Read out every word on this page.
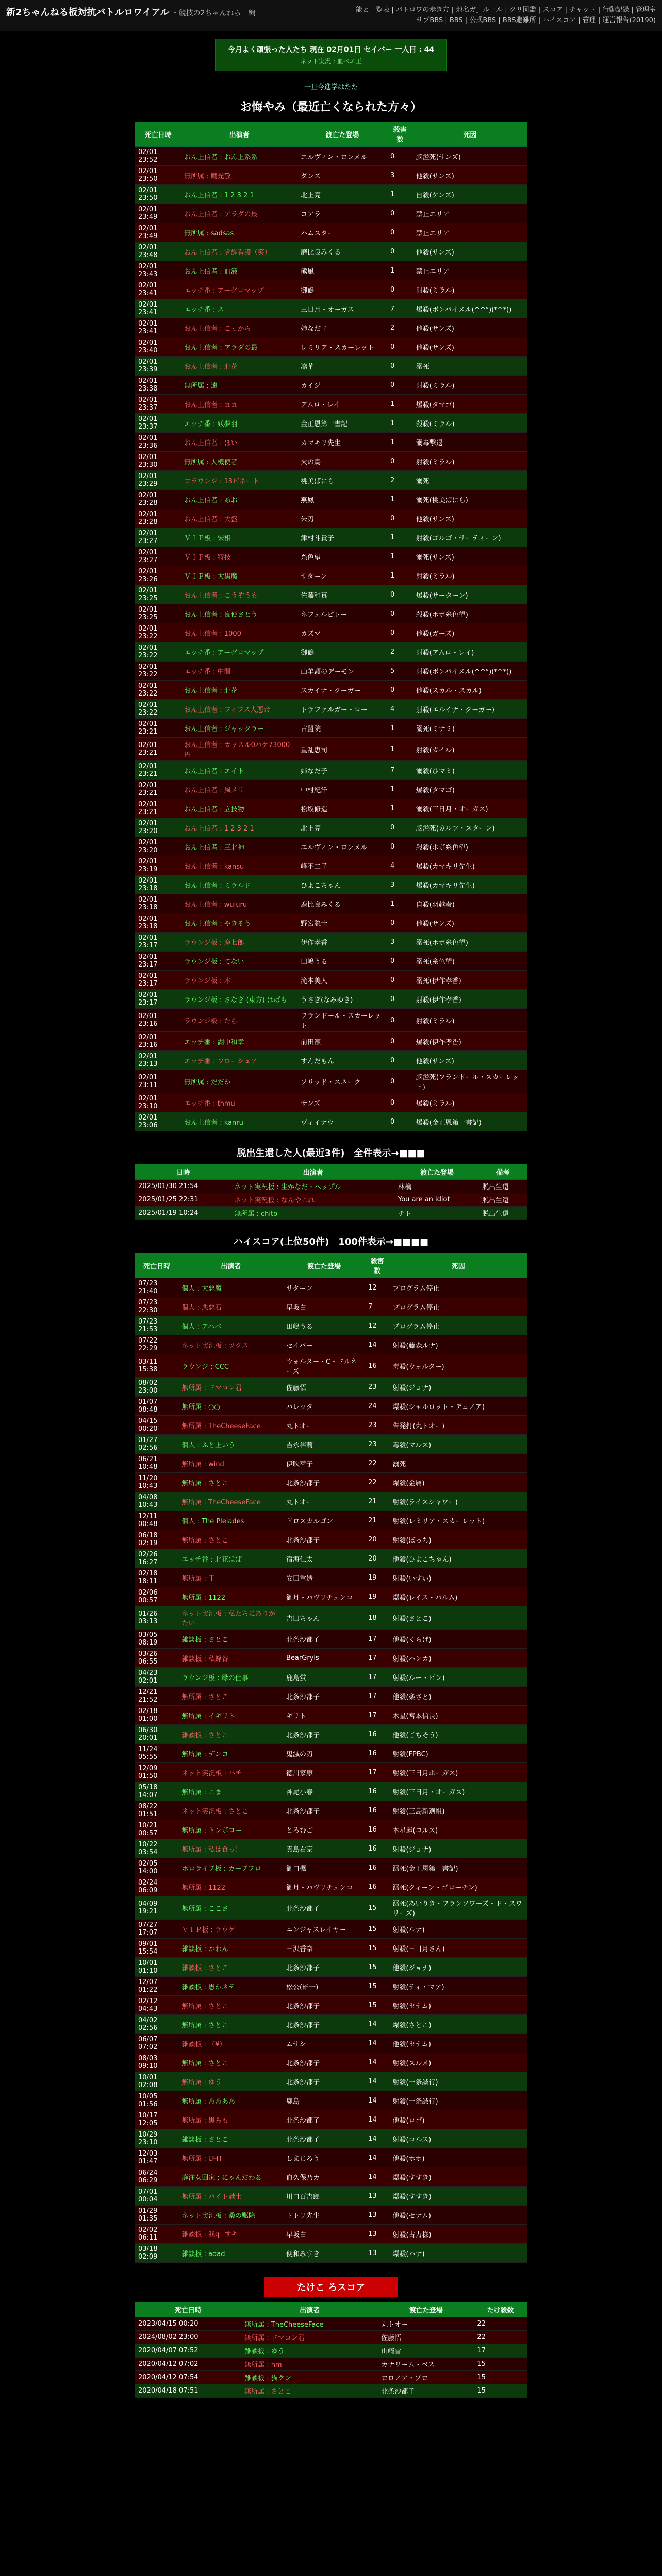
新2ちゃんねる板対抗バトルロワイアル ・競技の2ちゃんねら一編	能と一覧表 | バトロワの歩き方 | 地名ガ」ル一ル | クリ図鑑 | スコア | チャット | 行動記録 | 管理室
サブBBS | BBS | 公式BBS | BBS避難所 | ハイスコア | 管理 | 運営報告(20190)
今月よく頑張った人たち 現在 02月01日 セイバー 一人目 : 44
ネット実況 : 血べエ王
一旦今進学はたた
お悔やみ（最近亡くなられた方々）
死亡日時	出演者	渡亡た登場	殺害数	死因
02/01 23:52	おん上信者 : おん上系系	エルヴィン・ロンメル	0	脳溢死(サンズ)
02/01 23:50	無所属 : 鷹光敬	ダンズ	3	他殺(サンズ)
02/01 23:50	おん上信者 : 1 2 3 2 1	北上亮	1	自殺(ケンズ)
02/01 23:49	おん上信者 : アラダの最	コアラ	0	禁止エリア
02/01 23:49	無所属 : sadsas	ハムスター	0	禁止エリア
02/01 23:48	おん上信者 : 覚醒看護（笑）	磨比良みくる	0	他殺(サンズ)
02/01 23:43	おん上信者 : 血液	熊風	1	禁止エリア
02/01 23:41	エッチ番 : アーグロマップ	御鶴	0	射殺(ミラル)
02/01 23:41	エッチ番 : ス	三日月・オーガス	7	爆殺(ボンバイメル(^^°)(*^*))
02/01 23:41	おん上信者 : こっから	姉なだ子	2	他殺(サンズ)
02/01 23:40	おん上信者 : アラダの最	レミリア・スカーレット	0	他殺(サンズ)
02/01 23:39	おん上信者 : 北花	凛華	0	溺死
02/01 23:38	無所属 : 遠	カイジ	0	射殺(ミラル)
02/01 23:37	おん上信者 : ｎｎ	アムロ・レイ	1	爆殺(タマゴ)
02/01 23:37	エッチ番 : 妖夢羽	金正恩第一書記	1	殺殺(ミラル)
02/01 23:36	おん上信者 : ほい	カマキリ先生	1	溺毒撃退
02/01 23:30	無所属 : 人機使者	火の鳥	0	射殺(ミラル)
02/01 23:29	ロラウンジ : 13ビネート	桃美ばにら	2	溺死
02/01 23:28	おん上信者 : あお	燕鳳	1	溺死(桃美ばにら)
02/01 23:28	おん上信者 : 大盛	朱刃	0	他殺(サンズ)
02/01 23:27	ＶＩＰ板 : 宋相	津村斗貴子	1	射殺(ゴルゴ・サーティーン)
02/01 23:27	ＶＩＰ板 : 特技	糸色望	1	溺死(サンズ)
02/01 23:26	ＶＩＰ板 : 大黒魔	サターン	1	射殺(ミラル)
02/01 23:25	おん上信者 : こうぞうも	佐藤和真	0	爆殺(サーターン)
02/01 23:25	おん上信者 : 良便さとう	ネフェルピトー	0	殺殺(ホボ糸色望)
02/01 23:22	おん上信者 : 1000	カズマ	0	他殺(ガーズ)
02/01 23:22	エッチ番 : アーグロマップ	御鶴	2	射殺(アムロ・レイ)
02/01 23:22	エッチ番 : 中間	山羊頭のデーモン	5	射殺(ボンバイメル(^^°)(*^*))
02/01 23:22	おん上信者 : 北花	スカイナ・クーガー	0	他殺(スカル・スカル)
02/01 23:22	おん上信者 : フィフス大悪帝	トラファルガー・ロー	4	射殺(エルイナ・クーガー)
02/01 23:21	おん上信者 : ジャックラー	古盟院	1	溺死(ミナミ)
02/01 23:21	おん上信者 : カッスル0パケ73000 円	重乱恵司	1	射殺(ガイル)
02/01 23:21	おん上信者 : エイト	姉なだ子	7	溺殺(ひマミ)
02/01 23:21	おん上信者 : 風メリ	中村紀洋	1	爆殺(タマゴ)
02/01 23:21	おん上信者 : 立技物	松坂修造	1	溺殺(三日月・オーガス)
02/01 23:20	おん上信者 : 1 2 3 2 1	北上亮	0	脳溢死(カルフ・スターン)
02/01 23:20	おん上信者 : 三北神	エルヴィン・ロンメル	0	殺殺(ホボ糸色望)
02/01 23:19	おん上信者 : kansu	峰不二子	4	爆殺(カマキリ先生)
02/01 23:18	おん上信者 : ミラルド	ひよこちゃん	3	爆殺(カマキリ先生)
02/01 23:18	おん上信者 : wuiuru	鹿比良みくる	1	自殺(羽越奏)
02/01 23:18	おん上信者 : やきそう	野宮聡士	0	他殺(サンズ)
02/01 23:17	ラウンジ板 : 鹿七郎	伊作孝香	3	溺死(ホボ糸色望)
02/01 23:17	ラウンジ板 : てない	田嶋うる	0	溺死(糸色望)
02/01 23:17	ラウンジ板 : 木	滝本美人	0	溺死(伊作孝香)
02/01 23:17	ラウンジ板 : さなぎ (東方) はばも	うさぎ(なみゆき)	0	射殺(伊作孝香)
02/01 23:16	ラウンジ板 : たら	フランドール・スカーレット	0	射殺(ミラル)
02/01 23:16	エッチ番 : 湖中和幸	前田凛	0	爆殺(伊作孝香)
02/01 23:13	エッチ番 : フローシュア	すんだもん	0	他殺(サンズ)
02/01 23:11	無所属 : だだか	ソリッド・スネーク	0	脳溢死(フランドール・スカーレット)
02/01 23:10	エッチ番 : thmu	サンズ	0	爆殺(ミラル)
02/01 23:06	おん上信者 : kanru	ヴィイナウ	0	爆殺(金正恩第一書記)
脱出生還した人(最近3件)　全件表示→■■■
日時	出演者	渡亡た登場	備考
2025/01/30 21:54	ネット実況板 : 生かなだ・ヘップル	林檎	脱出生還
2025/01/25 22:31	ネット実況板 : なんやこれ	You are an idiot	脱出生還
2025/01/19 10:24	無所属 : chito	チト	脱出生還
ハイスコア(上位50件)　100件表示→■■■■
死亡日時	出演者	渡亡た登場	殺害数	死因
07/23 21:40	個人 : 大悪魔	サターン	12	プログラム停止
07/23 22:30	個人 : 悪悪石	早坂白	7	プログラム停止
07/23 21:53	個人 : アハバ	田嶋うる	12	プログラム停止
07/22 22:29	ネット実況板 : ツクス	セイバー	14	射殺(藤森ルナ)
03/11 15:38	ラウンジ : CCC	ウォルター・C・ドルネーズ	16	毒殺(ウォルター)
08/02 23:00	無所属 : ドマコン君	佐藤悟	23	射殺(ジョナ)
01/07 08:48	無所属 : ○○	パレッタ	24	爆殺(シャルロット・デュノア)
04/15 00:20	無所属 : TheCheeseFace	丸トオー	23	告発打(丸トオー)
01/27 02:56	個人 : ふと上いう	吉永裕莉	23	毒殺(マルス)
06/21 10:48	無所属 : wind	伊吹萃子	22	溺死
11/20 10:43	無所属 : さとこ	北条沙都子	22	爆殺(金属)
04/08 10:43	無所属 : TheCheeseFace	丸トオー	21	射殺(ライスシャワー)
12/11 00:48	個人 : The Pleiades	ドロスカルゴン	21	射殺(レミリア・スカーレット)
06/18 02:19	無所属 : さとこ	北条沙都子	20	射殺(ぼっち)
02/26 16:27	エッチ番 : 北花ぱぱ	宿海仁太	20	他殺(ひよこちゃん)
02/18 18:11	無所属 : 王	安田重造	19	射殺(いすい)
02/06 00:57	無所属 : 1122	御月・パヴリチェンコ	19	爆殺(レイス・パルム)
01/26 03:13	ネット実況板 : 私たちにありがたい	吉田ちゃん	18	射殺(さとこ)
03/05 08:19	雑談板 : さとこ	北条沙都子	17	他殺(くらげ)
03/26 06:55	雑談板 : 私蜂谷	BearGryls	17	射殺(ハンカ)
04/23 02:01	ラウンジ板 : 緑の仕事	鹿島蛍	17	射殺(ルー・ピン)
12/21 21:52	無所属 : さとこ	北条沙都子	17	他殺(楽さと)
02/18 01:00	無所属 : イギリト	ギリト	17	木星(宮本信長)
06/30 20:01	雑談板 : さとこ	北条沙都子	16	他殺(ごちそう)
11/24 05:55	無所属 : デンコ	鬼滅の刃	16	射殺(FPBC)
12/09 01:50	ネット実況板 : ハチ	徳川家康	17	射殺(三日月ホーガス)
05/18 14:07	無所属 : こま	神尾小春	16	射殺(三日月・オーガス)
08/22 01:51	ネット実況板 : さとこ	北条沙都子	16	射殺(三島新選組)
10/21 00:57	無所属 : トンボロー	とろむご	16	木星運(コルス)
10/22 03:54	無所属 : 私は食っ！	真島右京	16	射殺(ジョナ)
02/05 14:00	ホロライブ板 : カーブフロ	御口楓	16	溺死(金正恩第一書記)
02/24 06:09	無所属 : 1122	御月・パヴリチェンコ	16	溺死(クィーン・ゴローチン)
04/09 19:21	無所属 : ここさ	北条沙都子	15	溺死(あいりき・フランソワーズ・ド・スワリーズ)
07/27 17:07	ＶＩＰ板 : ラウゲ	ニンジャスレイヤー	15	射殺(ルナ)
09/01 15:54	雑談板 : かわん	三沢香奈	15	射殺(三日月さん)
10/01 01:10	雑談板 : さとこ	北条沙都子	15	他殺(ジョナ)
12/07 01:22	雑談板 : 愚かネテ	松公(雄一)	15	射殺(ティ・マア)
02/12 04:43	無所属 : さとこ	北条沙都子	15	射殺(セナム)
04/02 02:56	無所属 : さとこ	北条沙都子	14	爆殺(さとこ)
06/07 07:02	雑談板 : （¥）	ムサシ	14	他殺(セナム)
08/03 09:10	無所属 : さとこ	北条沙都子	14	射殺(スルメ)
10/01 02:08	無所属 : ゆう	北条沙都子	14	射殺(一条誠行)
10/05 01:56	無所属 : ああああ	鹿島	14	射殺(一条誠行)
10/17 12:05	無所属 : 黒みも	北条沙都子	14	他殺(ロゴ)
10/29 23:10	雑談板 : さとこ	北条沙都子	14	射殺(コルス)
12/03 01:47	無所属 : UHT	しまじろう	14	他殺(ホホ)
06/24 06:29	廃注女回家 : にゃんだわる	血久保乃カ	14	爆殺(すすき)
07/01 00:04	無所属 : バイト魅士	川口百吉郎	13	爆殺(すすき)
01/29 01:35	ネット実況板 : 桑の駆除	トトリ先生	13	他殺(セナム)
02/02 06:11	雑談板 : 我qすキ	早坂白	13	射殺(古力様)
03/18 02:09	雑談板 : adad	便和みすき	13	爆殺(ハナ)
たけこ ろスコア
死亡日時	出演者	渡亡た登場	たけ殺数
2023/04/15 00:20	無所属 : TheCheeseFace	丸トオー	22
2024/08/02 23:00	無所属 : ドマコン君	佐藤悟	22
2020/04/07 07:52	雑談板 : ゆう	山崎雪	17
2020/04/12 07:02	無所属 : nm	カナリーム・ベス	15
2020/04/12 07:54	雑談板 : 猫クン	ロロノア・ゾロ	15
2020/04/18 07:51	無所属 : さとこ	北条沙都子	15
